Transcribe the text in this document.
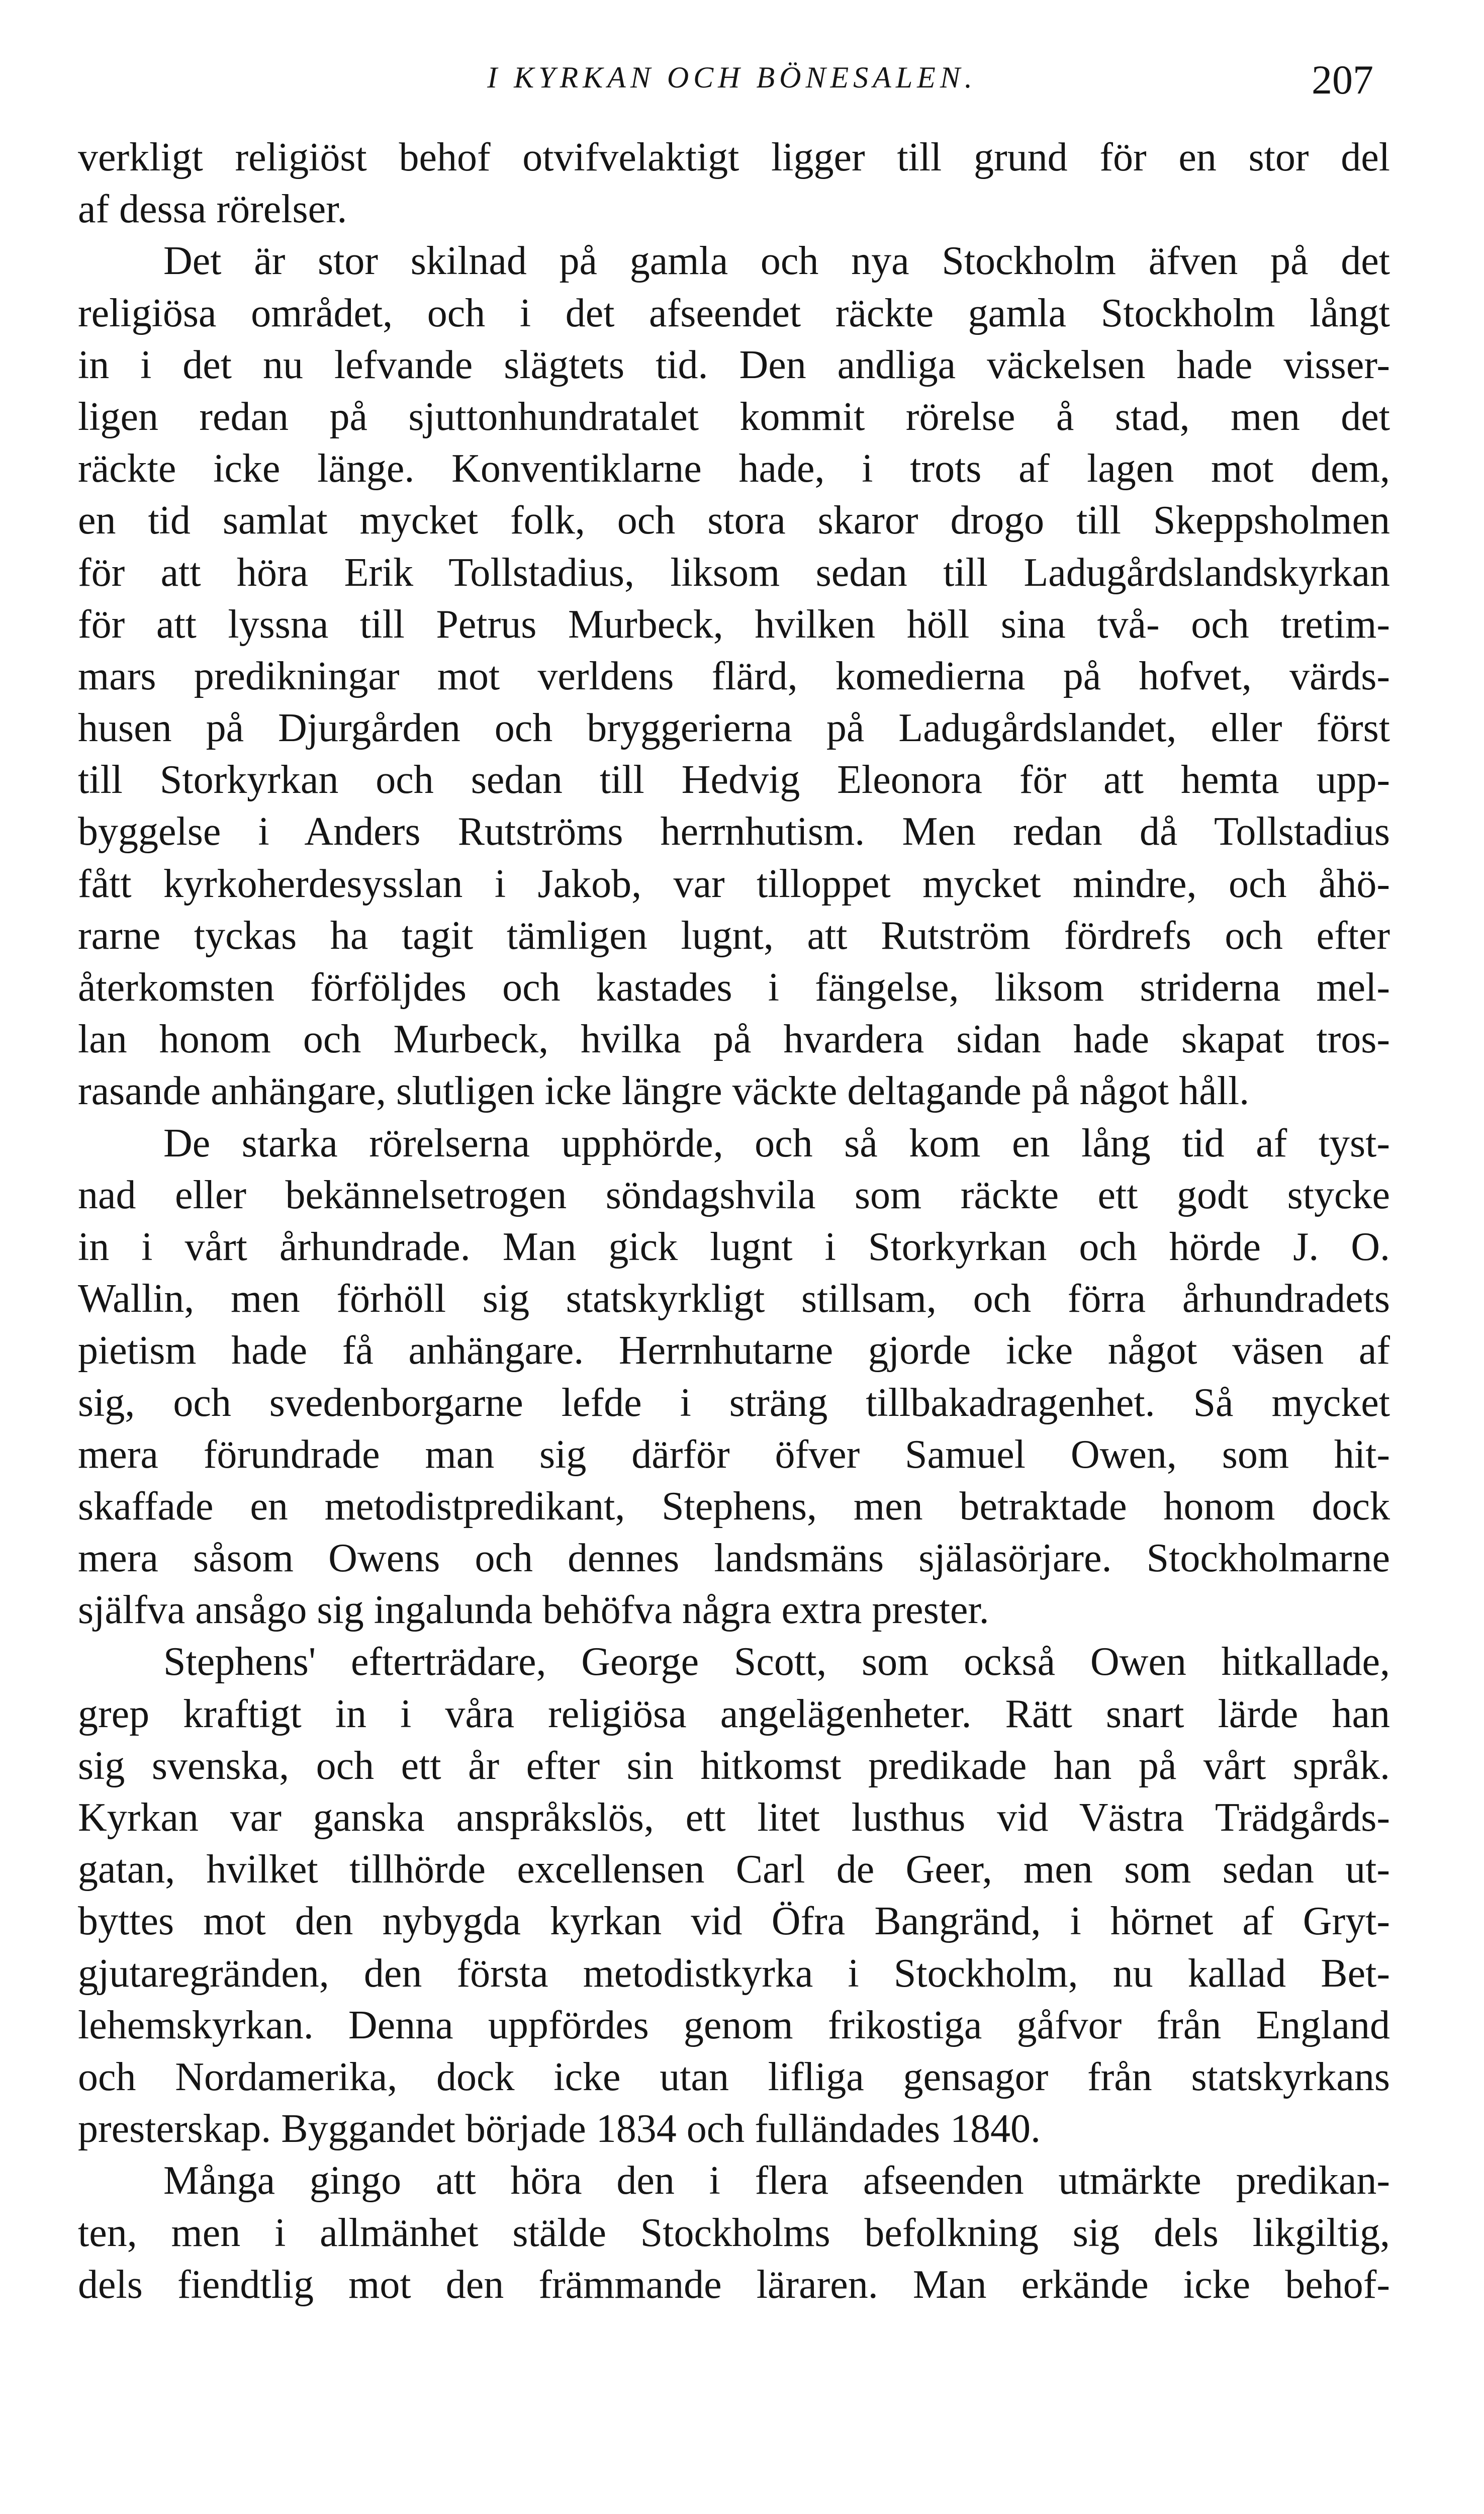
I KYRKAN OCH BÖNESALEN.	207
verkligt religiöst behof otvifvelaktigt ligger till grund för en stor del
af dessa rörelser.
Det är stor skilnad på gamla och nya Stockholm äfven på det
religiösa området, och i det afseendet räckte gamla Stockholm långt
in i det nu lefvande slägtets tid. Den andliga väckelsen hade visser-
ligen redan på sjuttonhundratalet kommit rörelse å stad, men det
räckte icke länge. Konventiklarne hade, i trots af lagen mot dem,
en tid samlat mycket folk, och stora skaror drogo till Skeppsholmen
för att höra Erik Tollstadius, liksom sedan till Ladugårdslandskyrkan
för att lyssna till Petrus Murbeck, hvilken höll sina två- och tretim-
mars predikningar mot verldens flärd, komedierna på hofvet, värds-
husen på Djurgården och bryggerierna på Ladugårdslandet, eller först
till Storkyrkan och sedan till Hedvig Eleonora för att hemta upp-
byggelse i Anders Rutströms herrnhutism. Men redan då Tollstadius
fått kyrkoherdesysslan i Jakob, var tilloppet mycket mindre, och åhö-
rarne tyckas ha tagit tämligen lugnt, att Rutström fördrefs och efter
återkomsten förföljdes och kastades i fängelse, liksom striderna mel-
lan honom och Murbeck, hvilka på hvardera sidan hade skapat tros-
rasande anhängare, slutligen icke längre väckte deltagande på något håll.
De starka rörelserna upphörde, och så kom en lång tid af tyst-
nad eller bekännelsetrogen söndagshvila som räckte ett godt stycke
in i vårt århundrade. Man gick lugnt i Storkyrkan och hörde J. O.
Wallin, men förhöll sig statskyrkligt stillsam, och förra århundradets
pietism hade få anhängare. Herrnhutarne gjorde icke något väsen af
sig, och svedenborgarne lefde i sträng tillbakadragenhet. Så mycket
mera förundrade man sig därför öfver Samuel Owen, som hit-
skaffade en metodistpredikant, Stephens, men betraktade honom dock
mera såsom Owens och dennes landsmäns själasörjare. Stockholmarne
själfva ansågo sig ingalunda behöfva några extra prester.
Stephens' efterträdare, George Scott, som också Owen hitkallade,
grep kraftigt in i våra religiösa angelägenheter. Rätt snart lärde han
sig svenska, och ett år efter sin hitkomst predikade han på vårt språk.
Kyrkan var ganska anspråkslös, ett litet lusthus vid Västra Trädgårds-
gatan, hvilket tillhörde excellensen Carl de Geer, men som sedan ut-
byttes mot den nybygda kyrkan vid Öfra Bangränd, i hörnet af Gryt-
gjutaregränden, den första metodistkyrka i Stockholm, nu kallad Bet-
lehemskyrkan. Denna uppfördes genom frikostiga gåfvor från England
och Nordamerika, dock icke utan lifliga gensagor från statskyrkans
presterskap. Byggandet började 1834 och fulländades 1840.
Många gingo att höra den i flera afseenden utmärkte predikan-
ten, men i allmänhet stälde Stockholms befolkning sig dels likgiltig,
dels fiendtlig mot den främmande läraren. Man erkände icke behof-
